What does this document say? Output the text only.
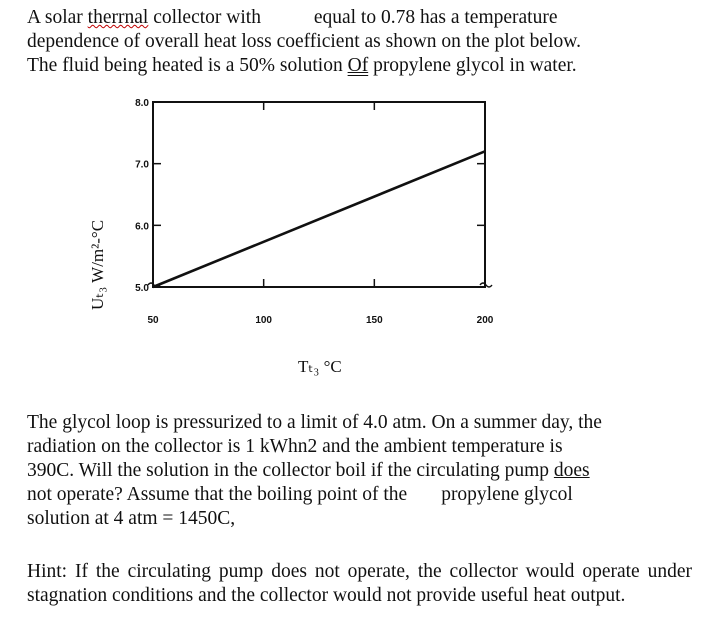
A solar therrnal collector with equal to 0.78 has a temperature
dependence of overall heat loss coefficient as shown on the plot below.
The fluid being heated is a 50% solution Of propylene glycol in water.
Uₜ₃ W/m²-°C	5.0
6.0
7.0
8.0
50	100	150	200
Tₜ₃ °C
The glycol loop is pressurized to a limit of 4.0 atm. On a summer day, the
radiation on the collector is 1 kWhn2 and the ambient temperature is
390C. Will the solution in the collector boil if the circulating pump does
not operate? Assume that the boiling point of the propylene glycol
solution at 4 atm = 1450C,
Hint: If the circulating pump does not operate, the collector would operate under stagnation conditions and the collector would not provide useful heat output.
